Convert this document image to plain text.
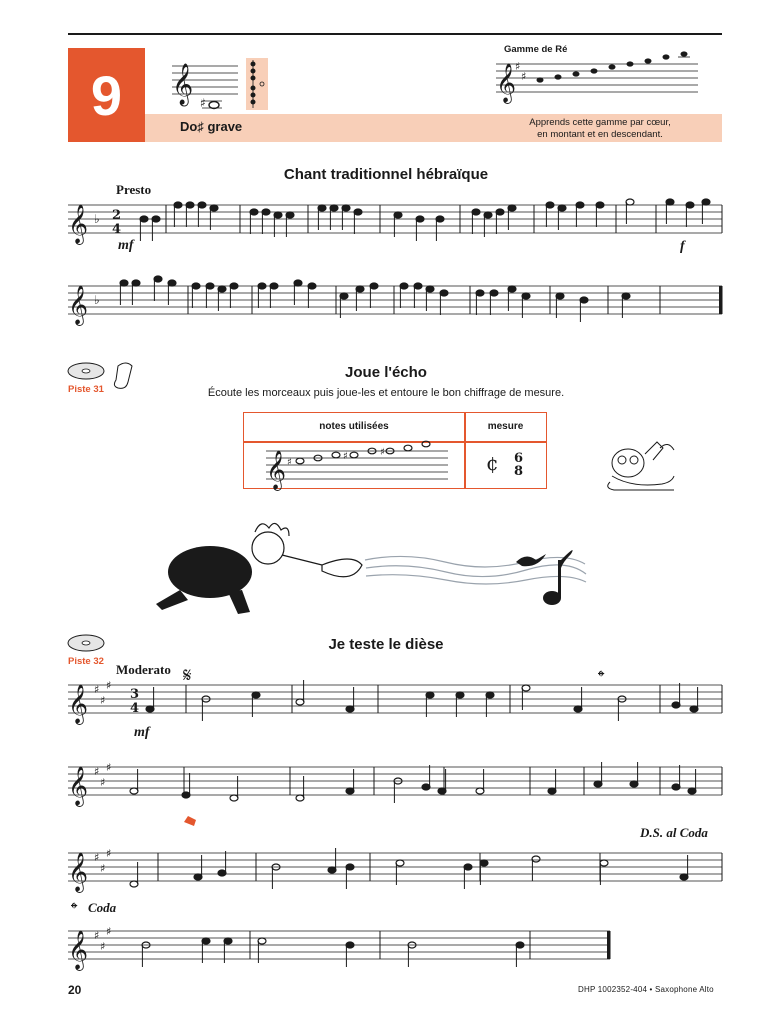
9	Do♯ grave
Gamme de Ré
Apprends cette gamme par cœur,
en montant et en descendant.
𝄞 ♯	𝄞
♯
♯
Chant traditionnel hébraïque
Presto
mf	f
𝄞 ♭
𝄞 ♭
2
4
Piste 31
Joue l'écho
Écoute les morceaux puis joue-les et entoure le bon chiffrage de mesure.
notes utilisées	mesure
𝄞 ♯
♯	♯	¢ 6
8
Piste 32
Je teste le dièse
Moderato
mf
D.S. al Coda
Coda
3
4
𝄋	𝄌
𝄌
𝄞 ♯
♯
♯
𝄞 ♯
♯
♯
𝄞 ♯
♯
♯
𝄞 ♯
♯
♯
20	DHP 1002352-404 • Saxophone Alto
